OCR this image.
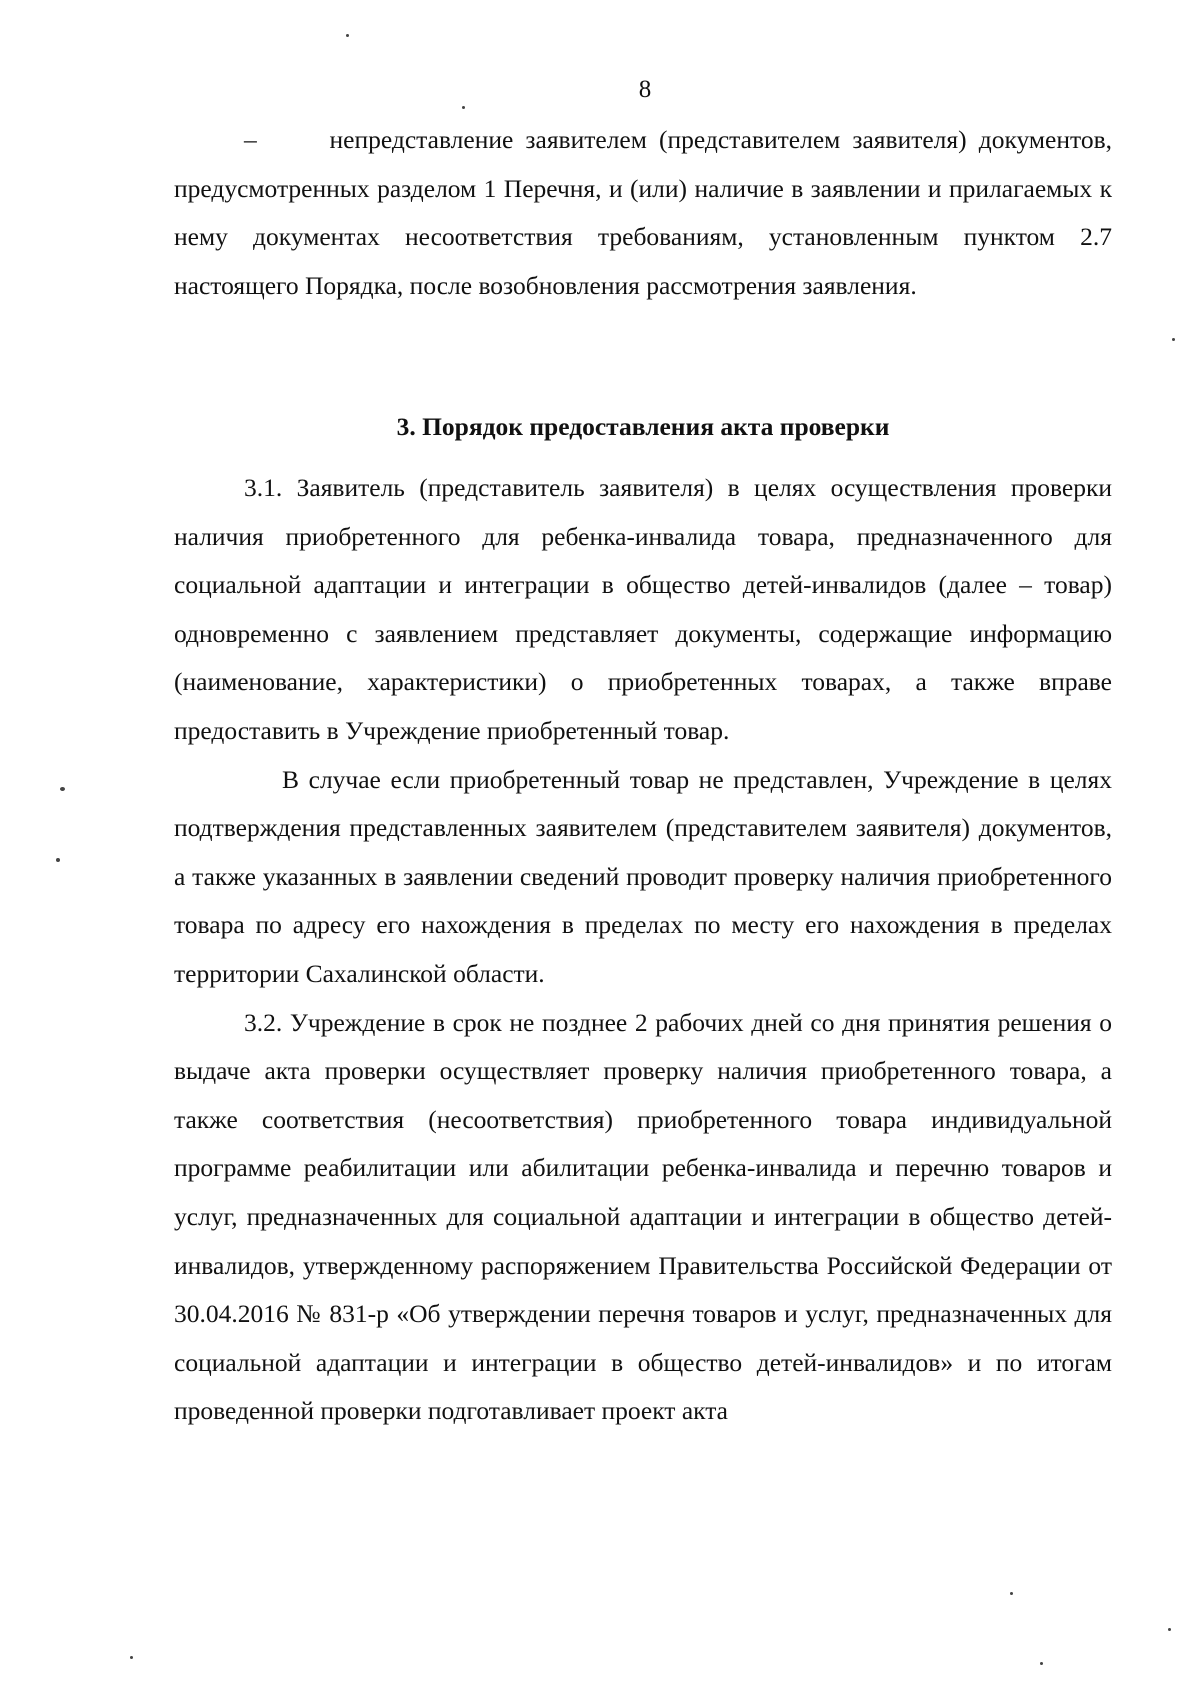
8

–      непредставление заявителем (представителем заявителя) документов, предусмотренных разделом 1 Перечня, и (или) наличие в заявлении и прилагаемых к нему документах несоответствия требованиям, установленным пунктом 2.7 настоящего Порядка, после возобновления рассмотрения заявления.

3. Порядок предоставления акта проверки

3.1. Заявитель (представитель заявителя) в целях осуществления проверки наличия приобретенного для ребенка-инвалида товара, предназначенного для социальной адаптации и интеграции в общество детей-инвалидов (далее – товар) одновременно с заявлением представляет документы, содержащие информацию (наименование, характеристики) о приобретенных товарах, а также вправе предоставить в Учреждение приобретенный товар.

В случае если приобретенный товар не представлен, Учреждение в целях подтверждения представленных заявителем (представителем заявителя) документов, а также указанных в заявлении сведений проводит проверку наличия приобретенного товара по адресу его нахождения в пределах по месту его нахождения в пределах территории Сахалинской области.

3.2. Учреждение в срок не позднее 2 рабочих дней со дня принятия решения о выдаче акта проверки осуществляет проверку наличия приобретенного товара, а также соответствия (несоответствия) приобретенного товара индивидуальной программе реабилитации или абилитации ребенка-инвалида и перечню товаров и услуг, предназначенных для социальной адаптации и интеграции в общество детей-инвалидов, утвержденному распоряжением Правительства Российской Федерации от 30.04.2016 № 831-р «Об утверждении перечня товаров и услуг, предназначенных для социальной адаптации и интеграции в общество детей-инвалидов» и по итогам проведенной проверки подготавливает проект акта
